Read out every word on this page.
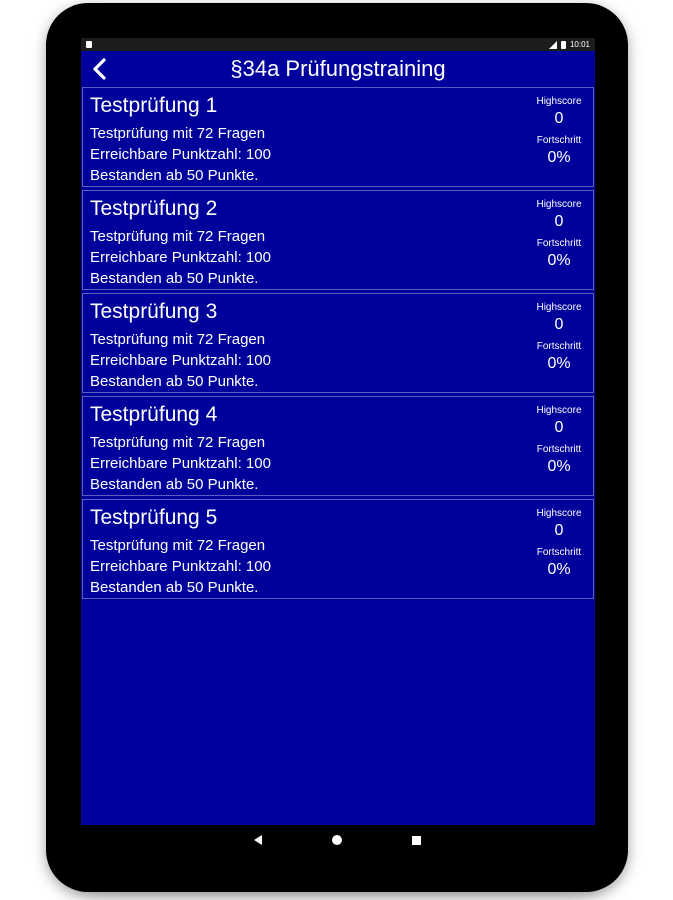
10:01
§34a Prüfungstraining
Testprüfung 1
Testprüfung mit 72 Fragen
Erreichbare Punktzahl: 100
Bestanden ab 50 Punkte.
Highscore
0
Fortschritt
0%
Testprüfung 2
Testprüfung mit 72 Fragen
Erreichbare Punktzahl: 100
Bestanden ab 50 Punkte.
Highscore
0
Fortschritt
0%
Testprüfung 3
Testprüfung mit 72 Fragen
Erreichbare Punktzahl: 100
Bestanden ab 50 Punkte.
Highscore
0
Fortschritt
0%
Testprüfung 4
Testprüfung mit 72 Fragen
Erreichbare Punktzahl: 100
Bestanden ab 50 Punkte.
Highscore
0
Fortschritt
0%
Testprüfung 5
Testprüfung mit 72 Fragen
Erreichbare Punktzahl: 100
Bestanden ab 50 Punkte.
Highscore
0
Fortschritt
0%
